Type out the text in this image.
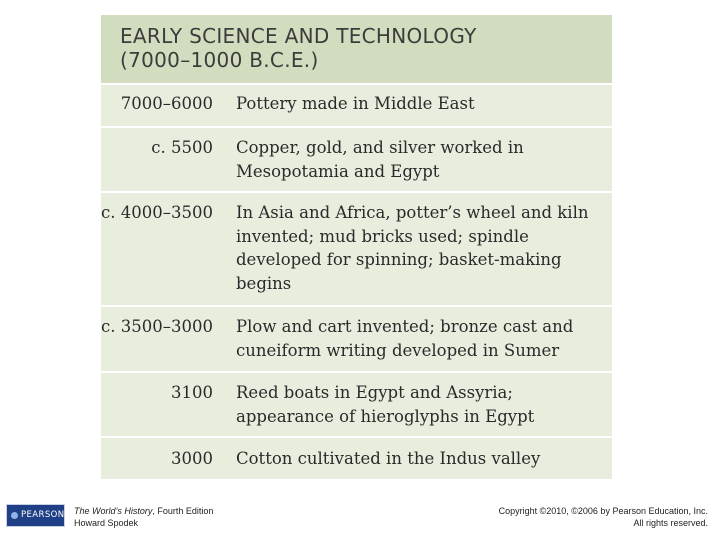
EARLY SCIENCE AND TECHNOLOGY
(7000–1000 B.C.E.)
7000–6000 Pottery made in Middle East
c. 5500 Copper, gold, and silver worked in Mesopotamia and Egypt
c. 4000–3500 In Asia and Africa, potter’s wheel and kiln invented; mud bricks used; spindle developed for spinning; basket-making begins
c. 3500–3000 Plow and cart invented; bronze cast and cuneiform writing developed in Sumer
3100 Reed boats in Egypt and Assyria; appearance of hieroglyphs in Egypt
3000 Cotton cultivated in the Indus valley
PEARSON The World’s History, Fourth Edition
Howard Spodek
Copyright ©2010, ©2006 by Pearson Education, Inc.
All rights reserved.
